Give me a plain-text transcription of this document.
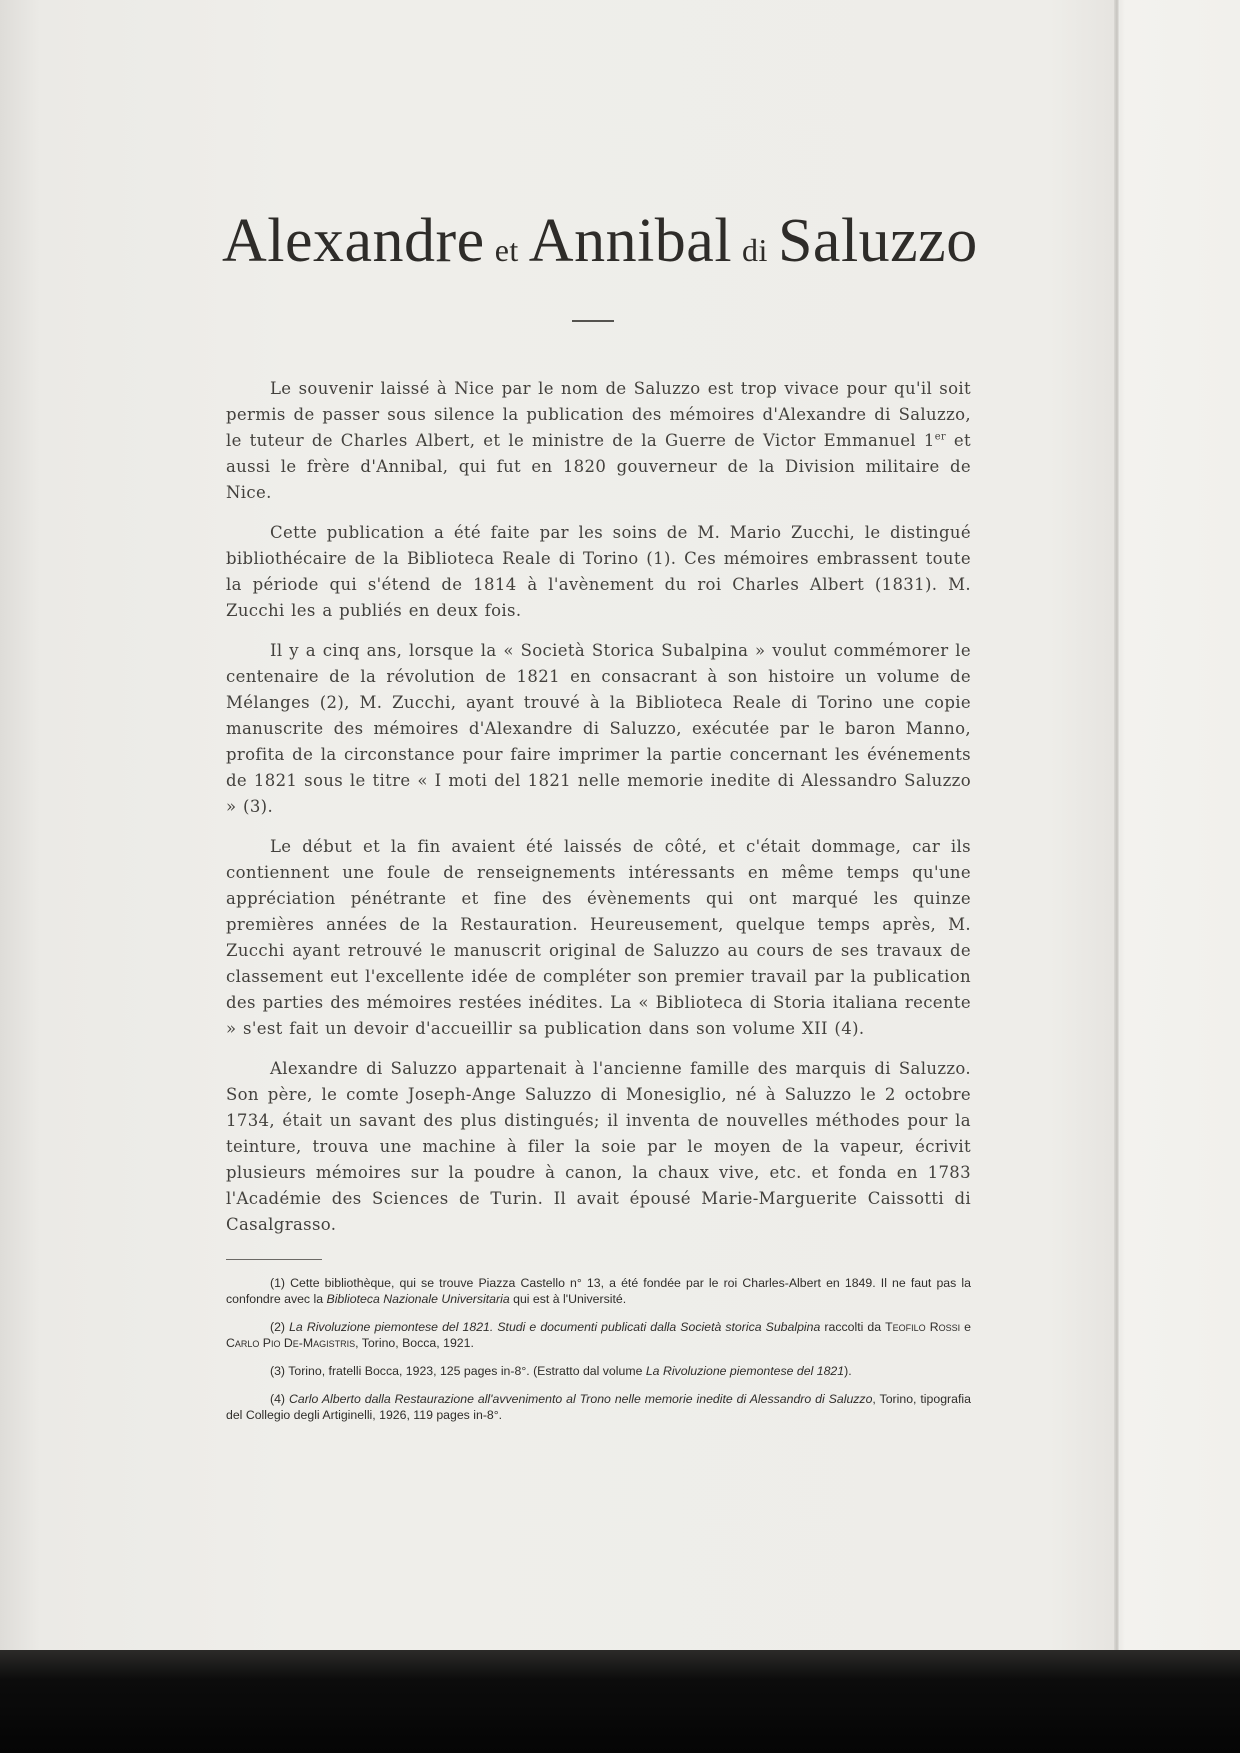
Alexandre et Annibal di Saluzzo

Le souvenir laissé à Nice par le nom de Saluzzo est trop vivace pour qu'il soit permis de passer sous silence la publication des mémoires d'Alexandre di Saluzzo, le tuteur de Charles Albert, et le ministre de la Guerre de Victor Emmanuel 1er et aussi le frère d'Annibal, qui fut en 1820 gouverneur de la Division militaire de Nice.

Cette publication a été faite par les soins de M. Mario Zucchi, le distingué bibliothécaire de la Biblioteca Reale di Torino (1). Ces mémoires embrassent toute la période qui s'étend de 1814 à l'avènement du roi Charles Albert (1831). M. Zucchi les a publiés en deux fois.

Il y a cinq ans, lorsque la « Società Storica Subalpina » voulut commémorer le centenaire de la révolution de 1821 en consacrant à son histoire un volume de Mélanges (2), M. Zucchi, ayant trouvé à la Biblioteca Reale di Torino une copie manuscrite des mémoires d'Alexandre di Saluzzo, exécutée par le baron Manno, profita de la circonstance pour faire imprimer la partie concernant les événements de 1821 sous le titre « I moti del 1821 nelle memorie inedite di Alessandro Saluzzo » (3).

Le début et la fin avaient été laissés de côté, et c'était dommage, car ils contiennent une foule de renseignements intéressants en même temps qu'une appréciation pénétrante et fine des évènements qui ont marqué les quinze premières années de la Restauration. Heureusement, quelque temps après, M. Zucchi ayant retrouvé le manuscrit original de Saluzzo au cours de ses travaux de classement eut l'excellente idée de compléter son premier travail par la publication des parties des mémoires restées inédites. La « Biblioteca di Storia italiana recente » s'est fait un devoir d'accueillir sa publication dans son volume XII (4).

Alexandre di Saluzzo appartenait à l'ancienne famille des marquis di Saluzzo. Son père, le comte Joseph-Ange Saluzzo di Monesiglio, né à Saluzzo le 2 octobre 1734, était un savant des plus distingués; il inventa de nouvelles méthodes pour la teinture, trouva une machine à filer la soie par le moyen de la vapeur, écrivit plusieurs mémoires sur la poudre à canon, la chaux vive, etc. et fonda en 1783 l'Académie des Sciences de Turin. Il avait épousé Marie-Marguerite Caissotti di Casalgrasso.

(1) Cette bibliothèque, qui se trouve Piazza Castello n° 13, a été fondée par le roi Charles-Albert en 1849. Il ne faut pas la confondre avec la Biblioteca Nazionale Universitaria qui est à l'Université.

(2) La Rivoluzione piemontese del 1821. Studi e documenti publicati dalla Società storica Subalpina raccolti da Teofilo Rossi e Carlo Pio De-Magistris, Torino, Bocca, 1921.

(3) Torino, fratelli Bocca, 1923, 125 pages in-8°. (Estratto dal volume La Rivoluzione piemontese del 1821).

(4) Carlo Alberto dalla Restaurazione all'avvenimento al Trono nelle memorie inedite di Alessandro di Saluzzo, Torino, tipografia del Collegio degli Artiginelli, 1926, 119 pages in-8°.
